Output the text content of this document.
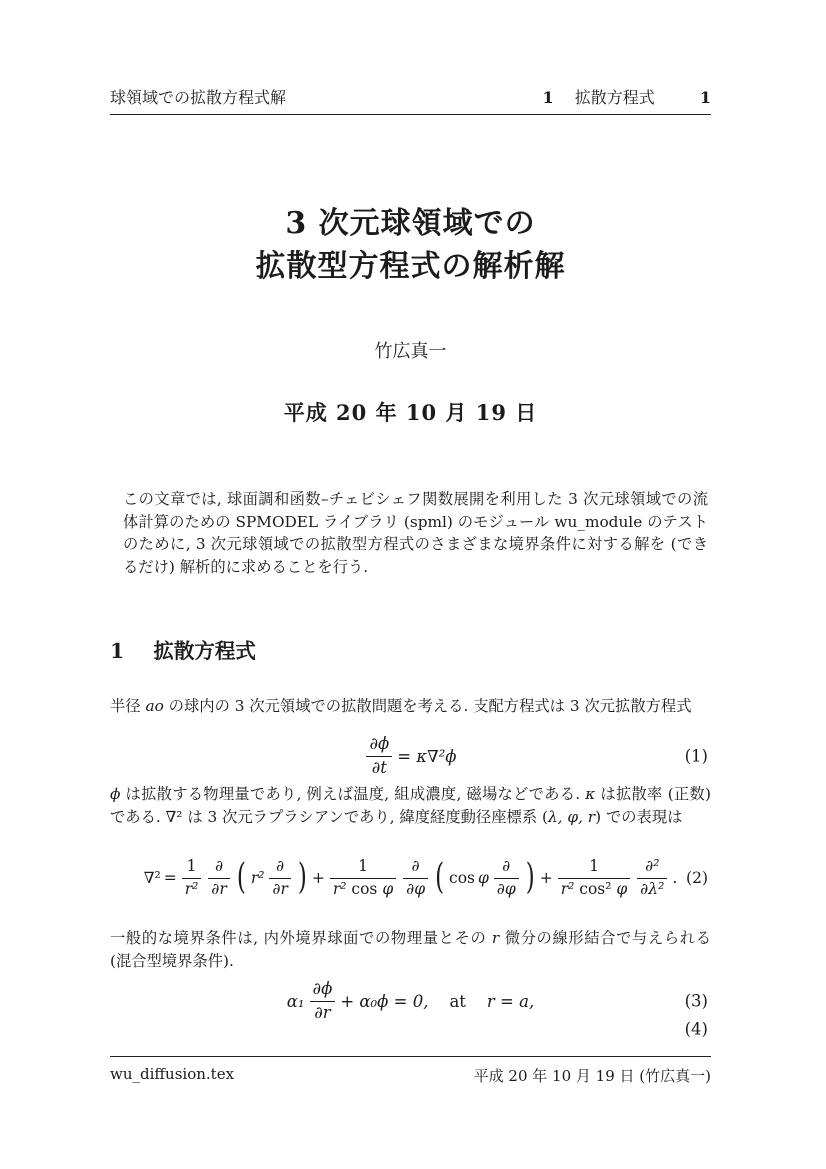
球領域での拡散方程式解	1 拡散方程式	1
3 次元球領域での
拡散型方程式の解析解
竹広真一
平成 20 年 10 月 19 日
この文章では, 球面調和函数–チェビシェフ関数展開を利用した 3 次元球領域での流体計算のための SPMODEL ライブラリ (spml) のモジュール wu_module のテストのために, 3 次元球領域での拡散型方程式のさまざまな境界条件に対する解を (できるだけ) 解析的に求めることを行う.
1 拡散方程式
半径 ao の球内の 3 次元領域での拡散問題を考える. 支配方程式は 3 次元拡散方程式
$\frac{\partial\phi}{\partial t} = \kappa\nabla^2\phi$	(1)
ϕ は拡散する物理量であり, 例えば温度, 組成濃度, 磁場などである. κ は拡散率 (正数) である. ∇² は 3 次元ラプラシアンであり, 緯度経度動径座標系 (λ, φ, r) での表現は
$\nabla^2 = \frac{1}{\text{r²}} \frac{\partial}{\partial r}$ ( $r^2 \frac{\partial}{\partial r}$ ) + $\frac{1}{\text{r² cos φ}} \frac{\partial}{\partial\varphi}$ ( cos φ $\frac{\partial}{\partial\varphi}$ ) + $\frac{1}{\text{r² cos² φ}} \frac{\text{∂²}}{\text{∂λ²}}$ . (2)
一般的な境界条件は, 内外境界球面での物理量とその r 微分の線形結合で与えられる (混合型境界条件).
$\alpha_1 \frac{\partial\phi}{\partial r} + \alpha_0\phi = 0$, at r = a,	(3)
(4)
wu_diffusion.tex	平成 20 年 10 月 19 日 (竹広真一)
